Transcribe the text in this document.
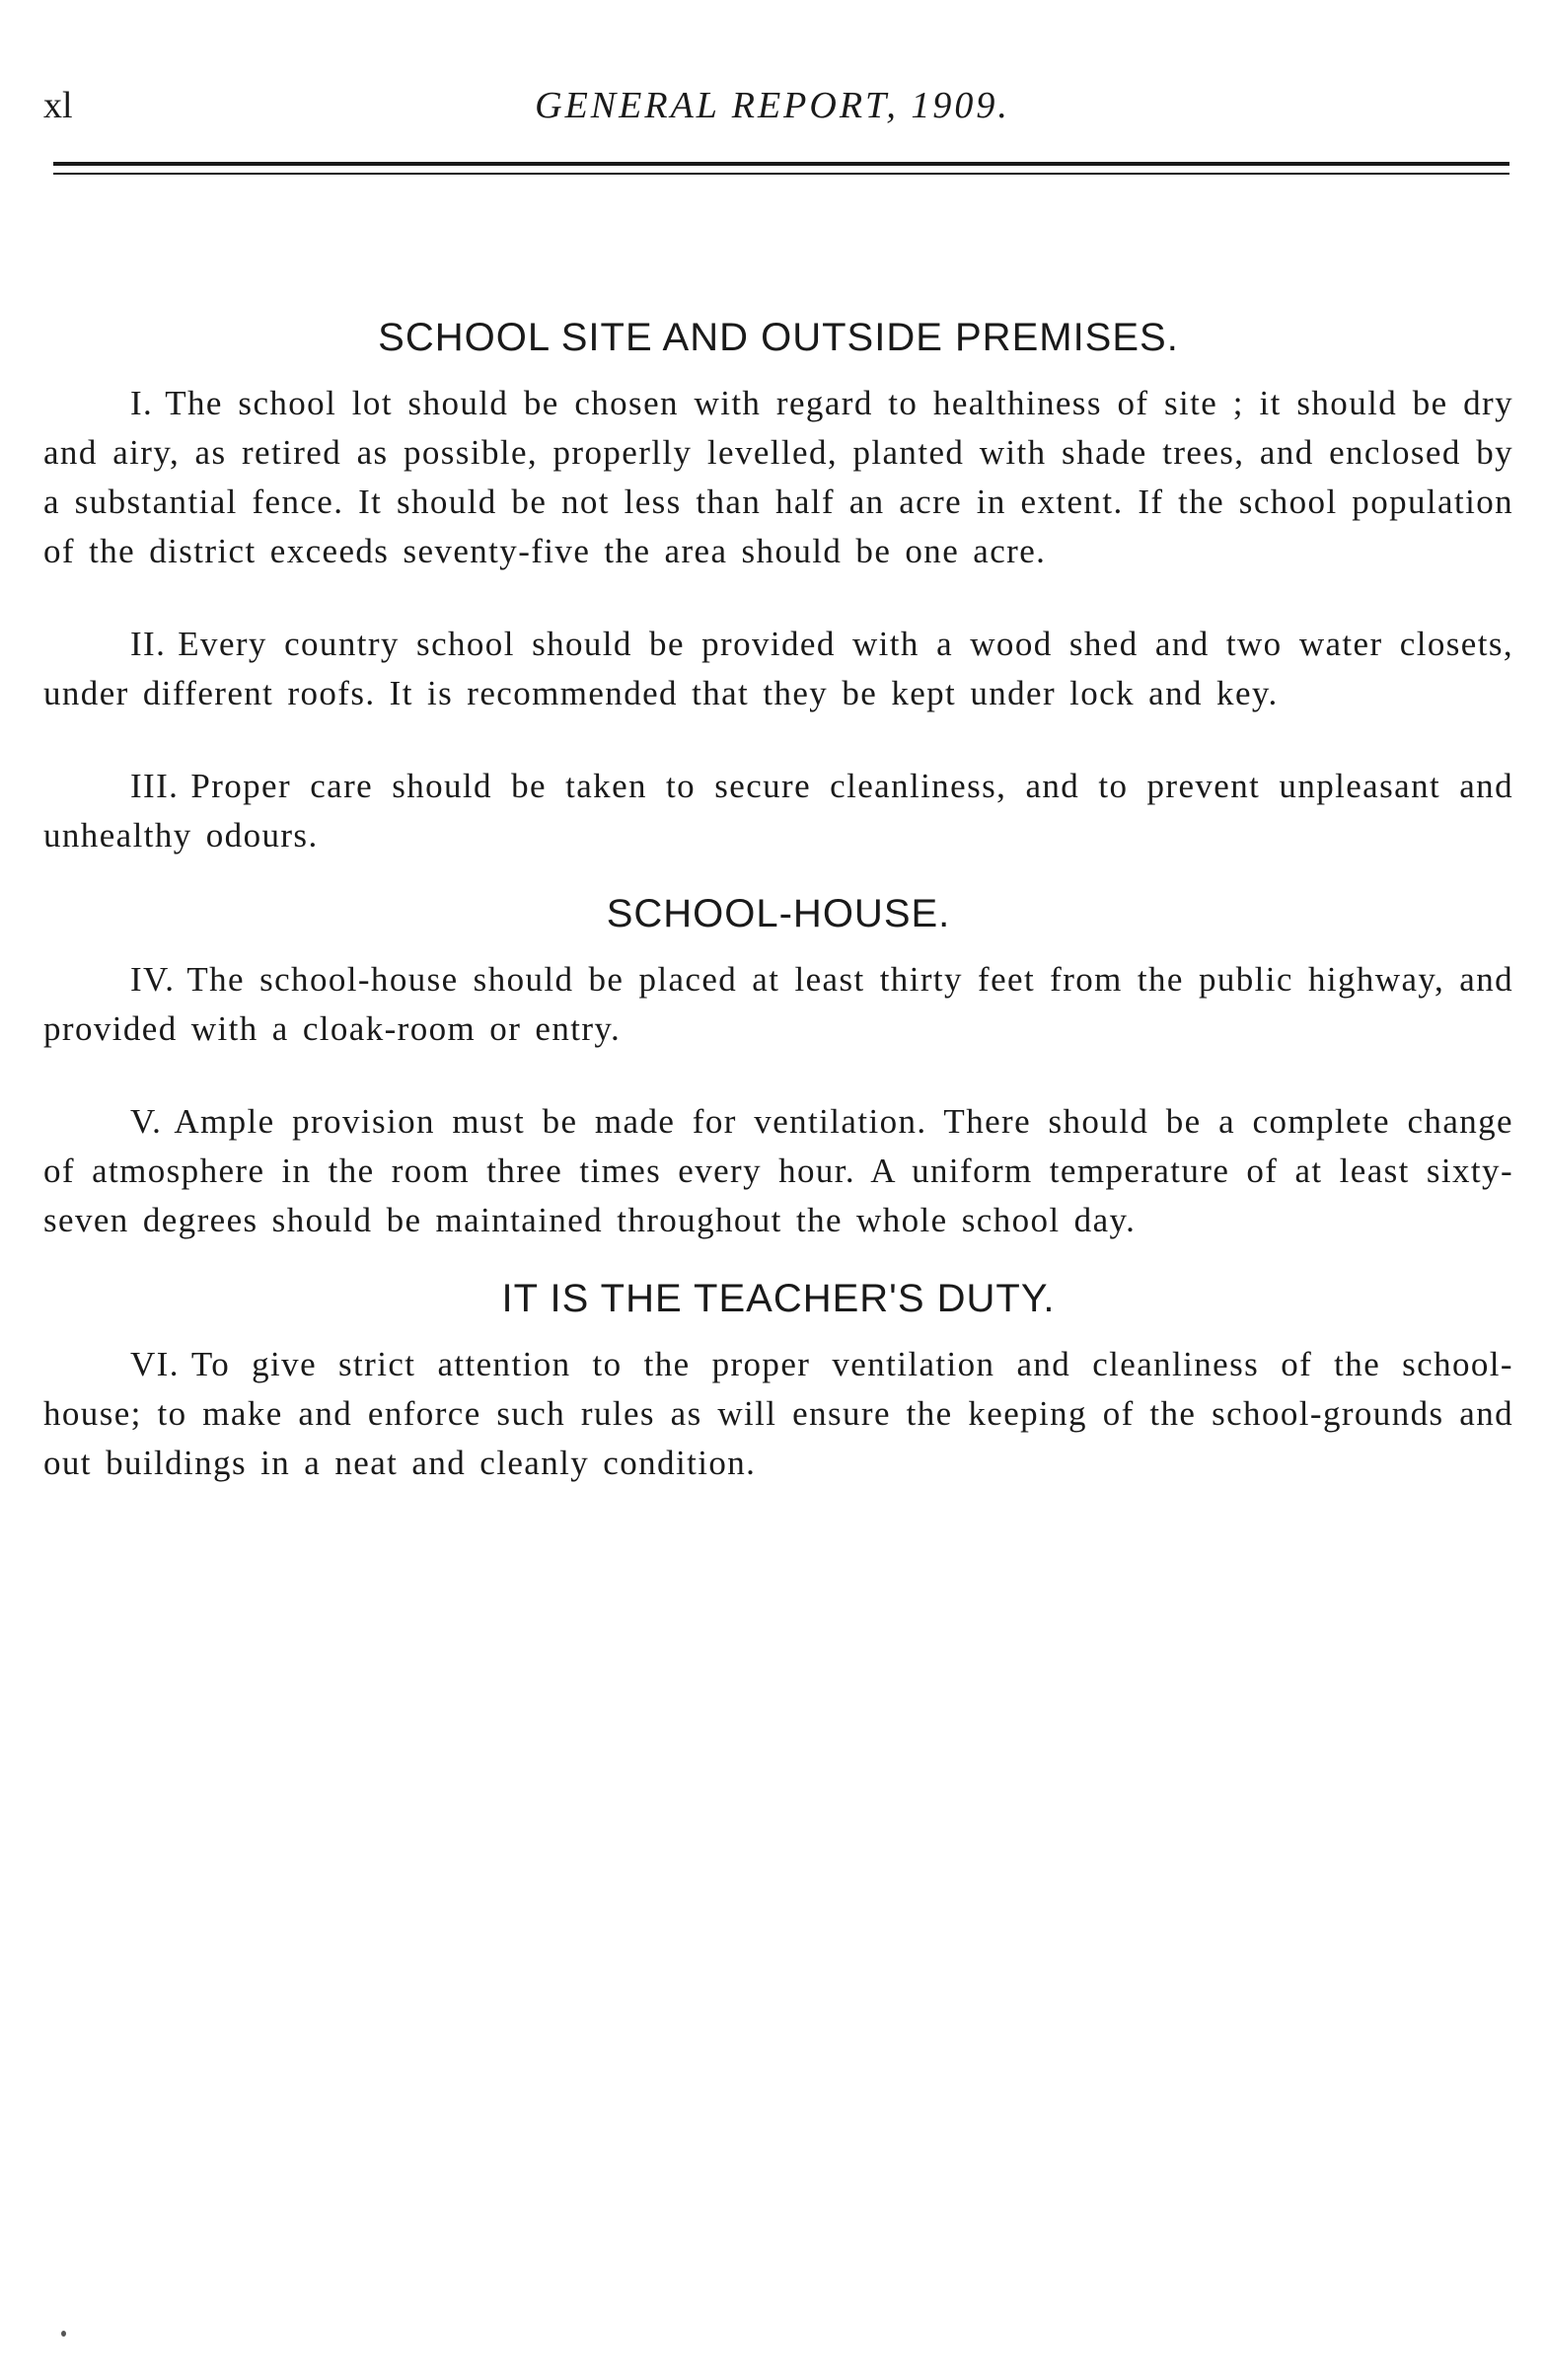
xl	GENERAL REPORT, 1909.
SCHOOL SITE AND OUTSIDE PREMISES.

I. The school lot should be chosen with regard to healthiness of site ; it should be dry and airy, as retired as possible, properlly levelled, planted with shade trees, and enclosed by a substantial fence. It should be not less than half an acre in extent. If the school population of the district exceeds seventy-five the area should be one acre.

II. Every country school should be provided with a wood shed and two water closets, under different roofs. It is recommended that they be kept under lock and key.

III. Proper care should be taken to secure cleanliness, and to prevent unpleasant and unhealthy odours.

SCHOOL-HOUSE.

IV. The school-house should be placed at least thirty feet from the public highway, and provided with a cloak-room or entry.

V. Ample provision must be made for ventilation. There should be a complete change of atmosphere in the room three times every hour. A uniform temperature of at least sixty-seven degrees should be maintained throughout the whole school day.

IT IS THE TEACHER'S DUTY.

VI. To give strict attention to the proper ventilation and cleanliness of the school-house; to make and enforce such rules as will ensure the keeping of the school-grounds and out buildings in a neat and cleanly condition.
